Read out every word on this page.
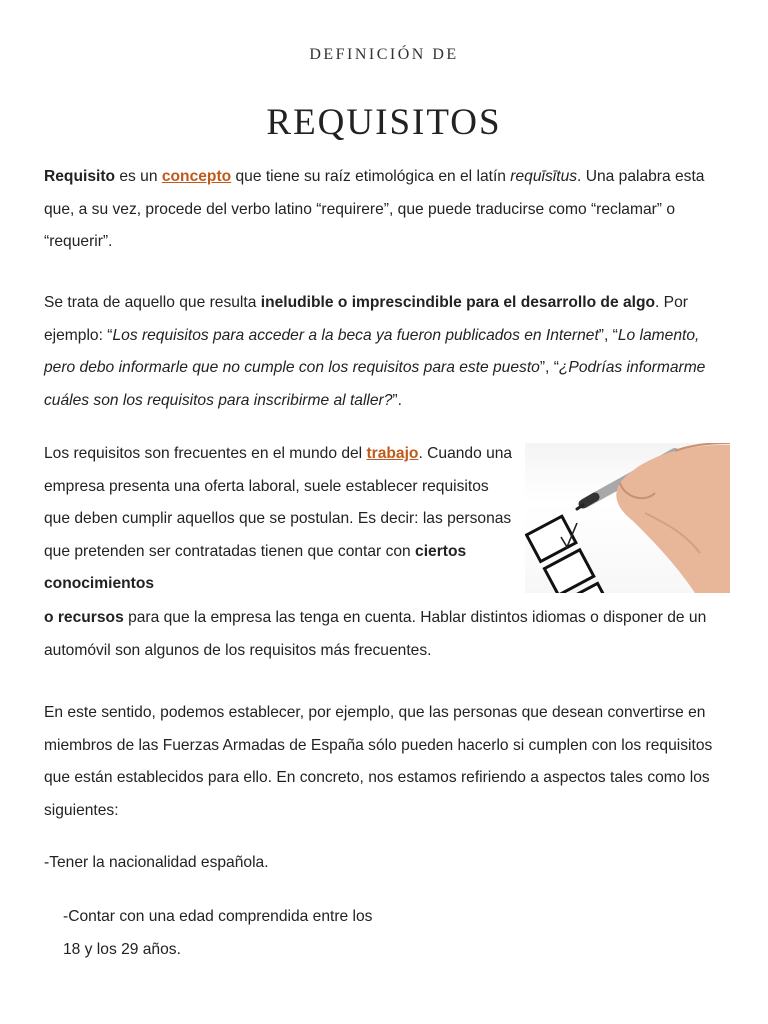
DEFINICIÓN DE
REQUISITOS

Requisito es un concepto que tiene su raíz etimológica en el latín requīsītus. Una palabra esta que, a su vez, procede del verbo latino “requirere”, que puede traducirse como “reclamar” o “requerir”.

Se trata de aquello que resulta ineludible o imprescindible para el desarrollo de algo. Por ejemplo: “Los requisitos para acceder a la beca ya fueron publicados en Internet”, “Lo lamento, pero debo informarle que no cumple con los requisitos para este puesto”, “¿Podrías informarme cuáles son los requisitos para inscribirme al taller?”.

Los requisitos son frecuentes en el mundo del trabajo. Cuando una empresa presenta una oferta laboral, suele establecer requisitos que deben cumplir aquellos que se postulan. Es decir: las personas que pretenden ser contratadas tienen que contar con ciertos conocimientos

o recursos para que la empresa las tenga en cuenta. Hablar distintos idiomas o disponer de un automóvil son algunos de los requisitos más frecuentes.

En este sentido, podemos establecer, por ejemplo, que las personas que desean convertirse en miembros de las Fuerzas Armadas de España sólo pueden hacerlo si cumplen con los requisitos que están establecidos para ello. En concreto, nos estamos refiriendo a aspectos tales como los siguientes:

-Tener la nacionalidad española.

-Contar con una edad comprendida entre los
18 y los 29 años.
